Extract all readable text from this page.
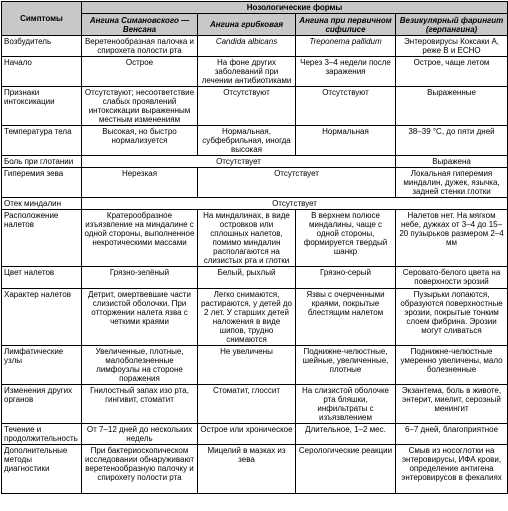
Симптомы	Нозологические формы			
	Ангина Симановского — Венсана	Ангина грибковая	Ангина при первичном сифилисе	Везикулярный фарингит (герпангина)
Возбудитель	Веретенообразная палочка и спирохета полости рта	Candida albicans	Treponema pallidum	Энтеровирусы Коксаки А, реже В и ЕСНО
Начало	Острое	На фоне других заболеваний при лечении антибиотиками	Через 3–4 недели после заражения	Острое, чаще летом
Признаки интоксикации	Отсутствуют; несоответствие слабых проявлений интоксикации выраженным местным изменениям	Отсутствуют	Отсутствуют	Выраженные
Температура тела	Высокая, но быстро нормализуется	Нормальная, субфебрильная, иногда высокая	Нормальная	38–39 °С, до пяти дней
Боль при глотании	Отсутствует			Выражена
Гиперемия зева	Нерезкая	Отсутствует		Локальная гиперемия миндалин, дужек, язычка, задней стенки глотки
Отек миндалин	Отсутствует			
Расположение налетов	Кратерообразное изъязвление на миндалине с одной стороны, выполненное некротическими массами	На миндалинах, в виде островков или сплошных налетов, помимо миндалин располагаются на слизистых рта и глотки	В верхнем полюсе миндалины, чаще с одной стороны, формируется твердый шанкр	Налетов нет. На мягком небе, дужках от 3–4 до 15–20 пузырьков размером 2–4 мм
Цвет налетов	Грязно-зелёный	Белый, рыхлый	Грязно-серый	Серовато-белого цвета на поверхности эрозий
Характер налетов	Детрит, омертвевшие части слизистой оболочки. При отторжении налета язва с четкими краями	Легко снимаются, растираются, у детей до 2 лет. У старших детей наложения в виде шипов, трудно снимаются	Язвы с очерченными краями, покрытые блестящим налетом	Пузырьки лопаются, образуются поверхностные эрозии, покрытые тонким слоем фибрина. Эрозии могут сливаться
Лимфатические узлы	Увеличенные, плотные, малоболезненные лимфоузлы на стороне поражения	Не увеличены	Поднижне-челюстные, шейные, увеличенные, плотные	Поднижне-челюстные умеренно увеличены, мало болезненные
Изменения других органов	Гнилостный запах изо рта, гингивит, стоматит	Стоматит, глоссит	На слизистой оболочке рта бляшки, инфильтраты с изъязвлением	Экзантема, боль в животе, энтерит, миелит, серозный менингит
Течение и продолжительность	От 7–12 дней до нескольких недель	Острое или хроническое	Длительное, 1–2 мес.	6–7 дней, благоприятное
Дополнительные методы диагностики	При бактериоскопическом исследовании обнаруживают веретенообразную палочку и спирохету полости рта	Мицелий в мазках из зева	Серологические реакции	Смыв из носоглотки на энтеровирусы, ИФА крови, определение антигена энтеровирусов в фекалиях
